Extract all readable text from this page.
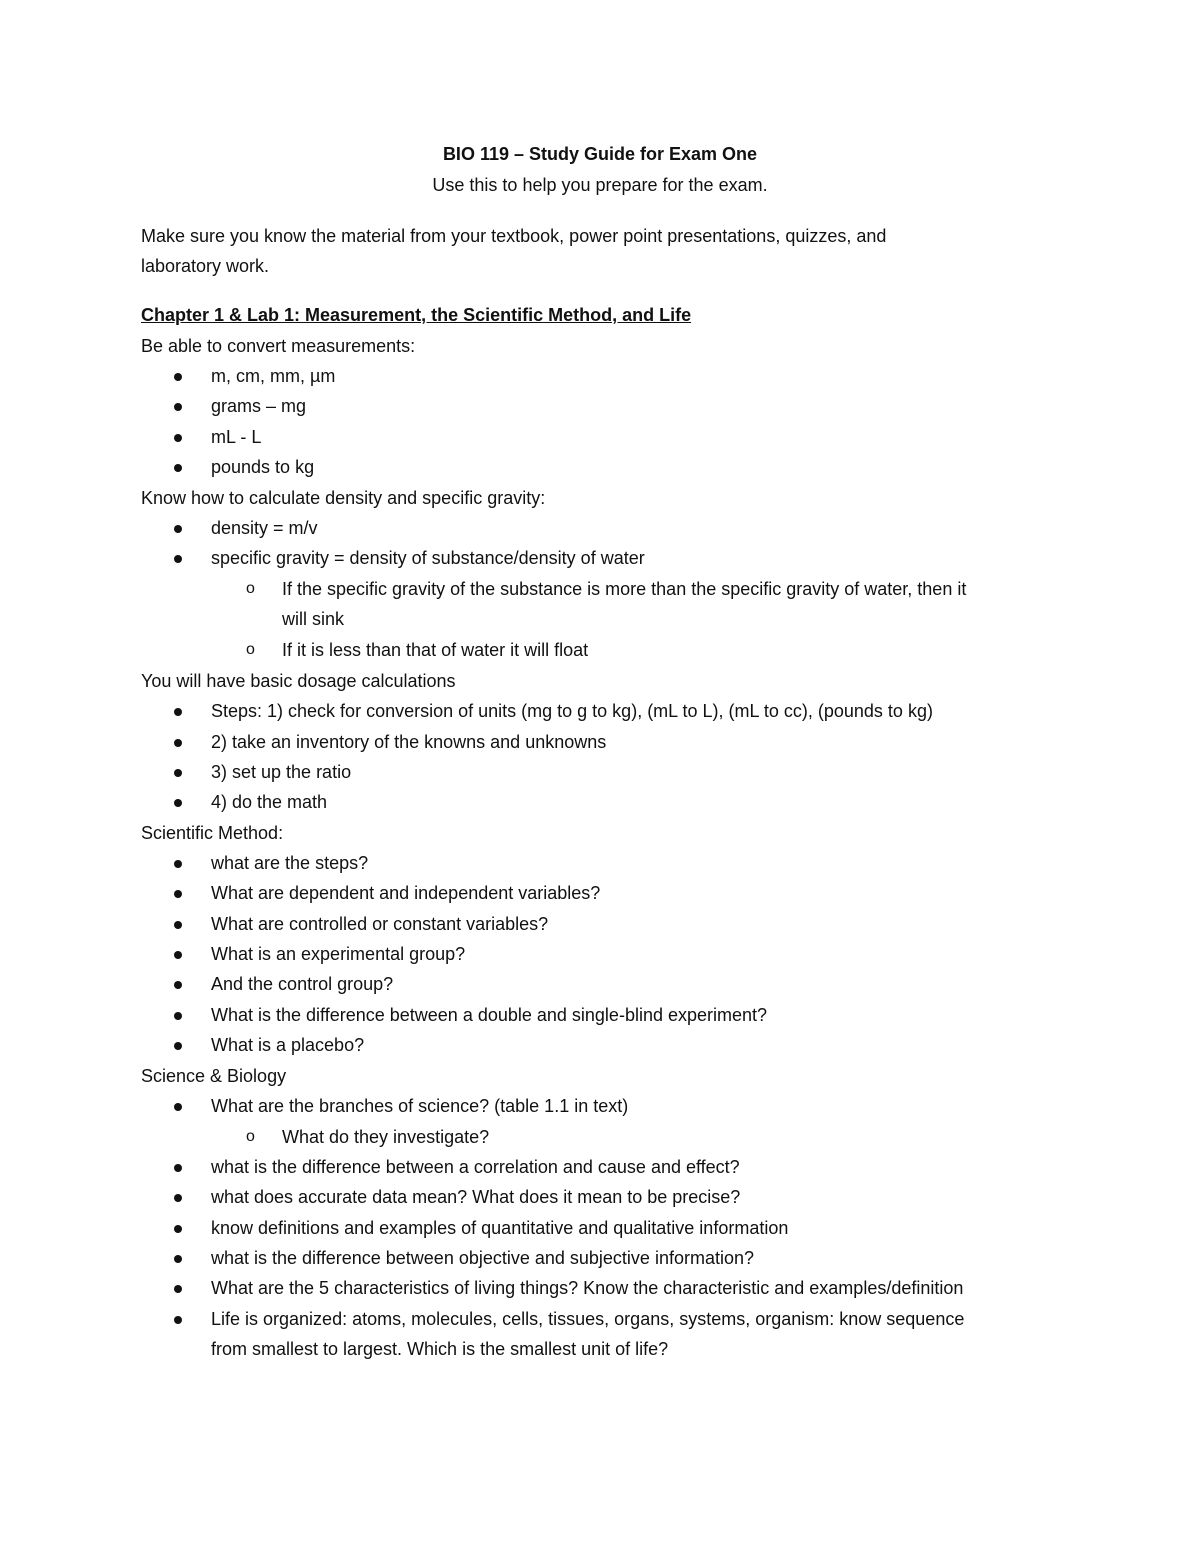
BIO 119 – Study Guide for Exam One
Use this to help you prepare for the exam.
Make sure you know the material from your textbook, power point presentations, quizzes, and
laboratory work.
Chapter 1 & Lab 1: Measurement, the Scientific Method, and Life
Be able to convert measurements:
m, cm, mm, µm
grams – mg
mL - L
pounds to kg
Know how to calculate density and specific gravity:
density = m/v
specific gravity = density of substance/density of water
o If the specific gravity of the substance is more than the specific gravity of water, then it
will sink
o If it is less than that of water it will float
You will have basic dosage calculations
Steps: 1) check for conversion of units (mg to g to kg), (mL to L), (mL to cc), (pounds to kg)
2) take an inventory of the knowns and unknowns
3) set up the ratio
4) do the math
Scientific Method:
what are the steps?
What are dependent and independent variables?
What are controlled or constant variables?
What is an experimental group?
And the control group?
What is the difference between a double and single-blind experiment?
What is a placebo?
Science & Biology
What are the branches of science? (table 1.1 in text)
o What do they investigate?
what is the difference between a correlation and cause and effect?
what does accurate data mean? What does it mean to be precise?
know definitions and examples of quantitative and qualitative information
what is the difference between objective and subjective information?
What are the 5 characteristics of living things? Know the characteristic and examples/definition
Life is organized: atoms, molecules, cells, tissues, organs, systems, organism: know sequence
from smallest to largest. Which is the smallest unit of life?
